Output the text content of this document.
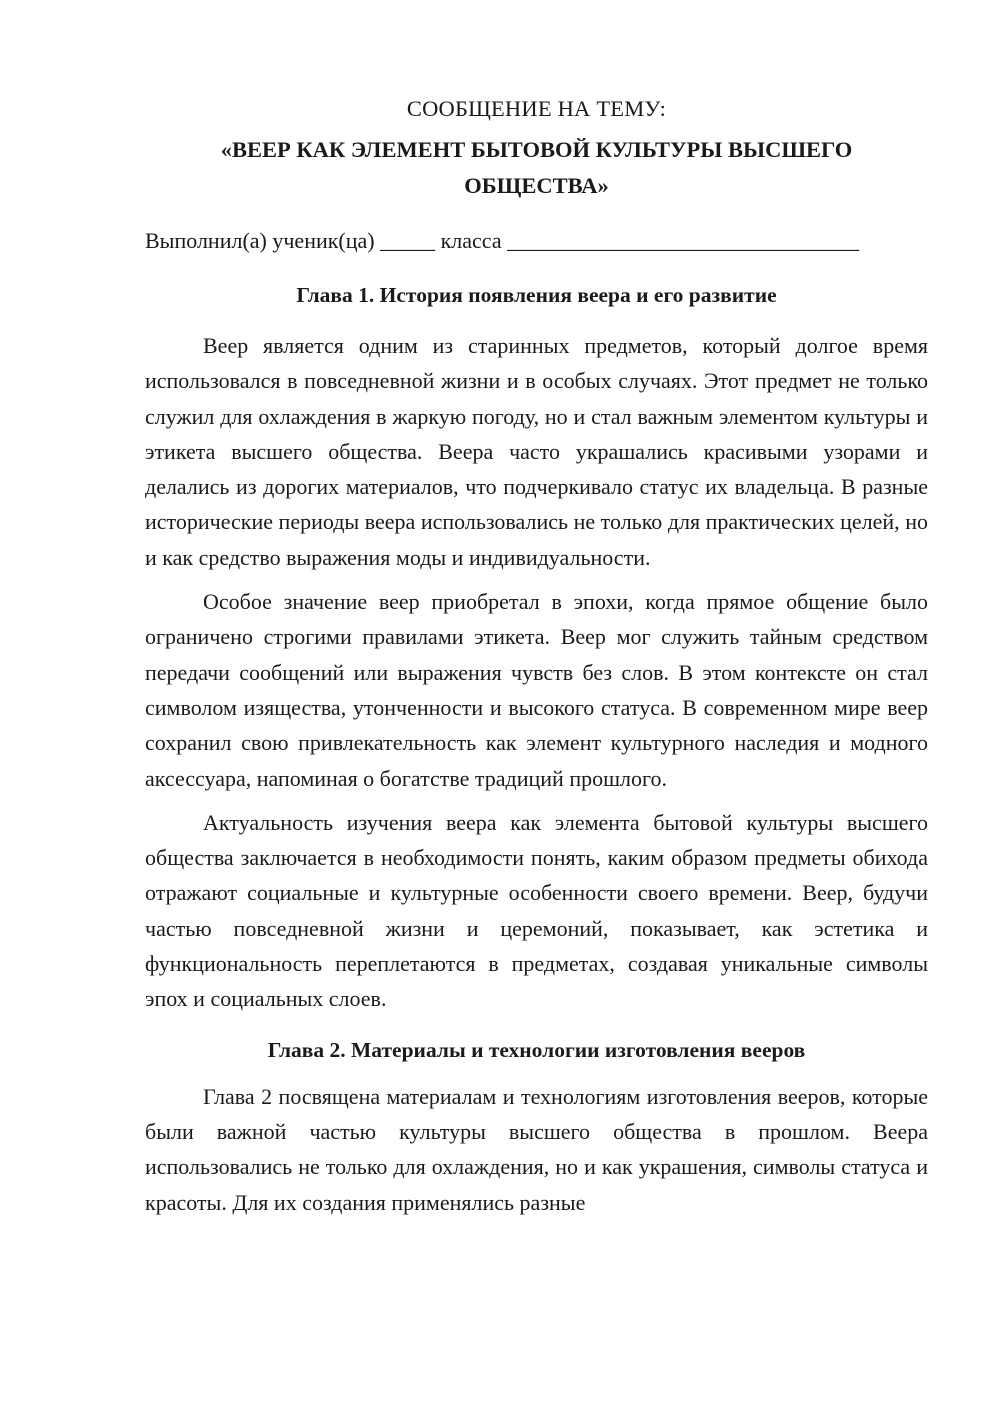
СООБЩЕНИЕ НА ТЕМУ:
«ВЕЕР КАК ЭЛЕМЕНТ БЫТОВОЙ КУЛЬТУРЫ ВЫСШЕГО ОБЩЕСТВА»
Выполнил(а) ученик(ца) _____ класса ________________________________
Глава 1. История появления веера и его развитие

Веер является одним из старинных предметов, который долгое время использовался в повседневной жизни и в особых случаях. Этот предмет не только служил для охлаждения в жаркую погоду, но и стал важным элементом культуры и этикета высшего общества. Веера часто украшались красивыми узорами и делались из дорогих материалов, что подчеркивало статус их владельца. В разные исторические периоды веера использовались не только для практических целей, но и как средство выражения моды и индивидуальности.

Особое значение веер приобретал в эпохи, когда прямое общение было ограничено строгими правилами этикета. Веер мог служить тайным средством передачи сообщений или выражения чувств без слов. В этом контексте он стал символом изящества, утонченности и высокого статуса. В современном мире веер сохранил свою привлекательность как элемент культурного наследия и модного аксессуара, напоминая о богатстве традиций прошлого.

Актуальность изучения веера как элемента бытовой культуры высшего общества заключается в необходимости понять, каким образом предметы обихода отражают социальные и культурные особенности своего времени. Веер, будучи частью повседневной жизни и церемоний, показывает, как эстетика и функциональность переплетаются в предметах, создавая уникальные символы эпох и социальных слоев.

Глава 2. Материалы и технологии изготовления вееров

Глава 2 посвящена материалам и технологиям изготовления вееров, которые были важной частью культуры высшего общества в прошлом. Веера использовались не только для охлаждения, но и как украшения, символы статуса и красоты. Для их создания применялись разные
